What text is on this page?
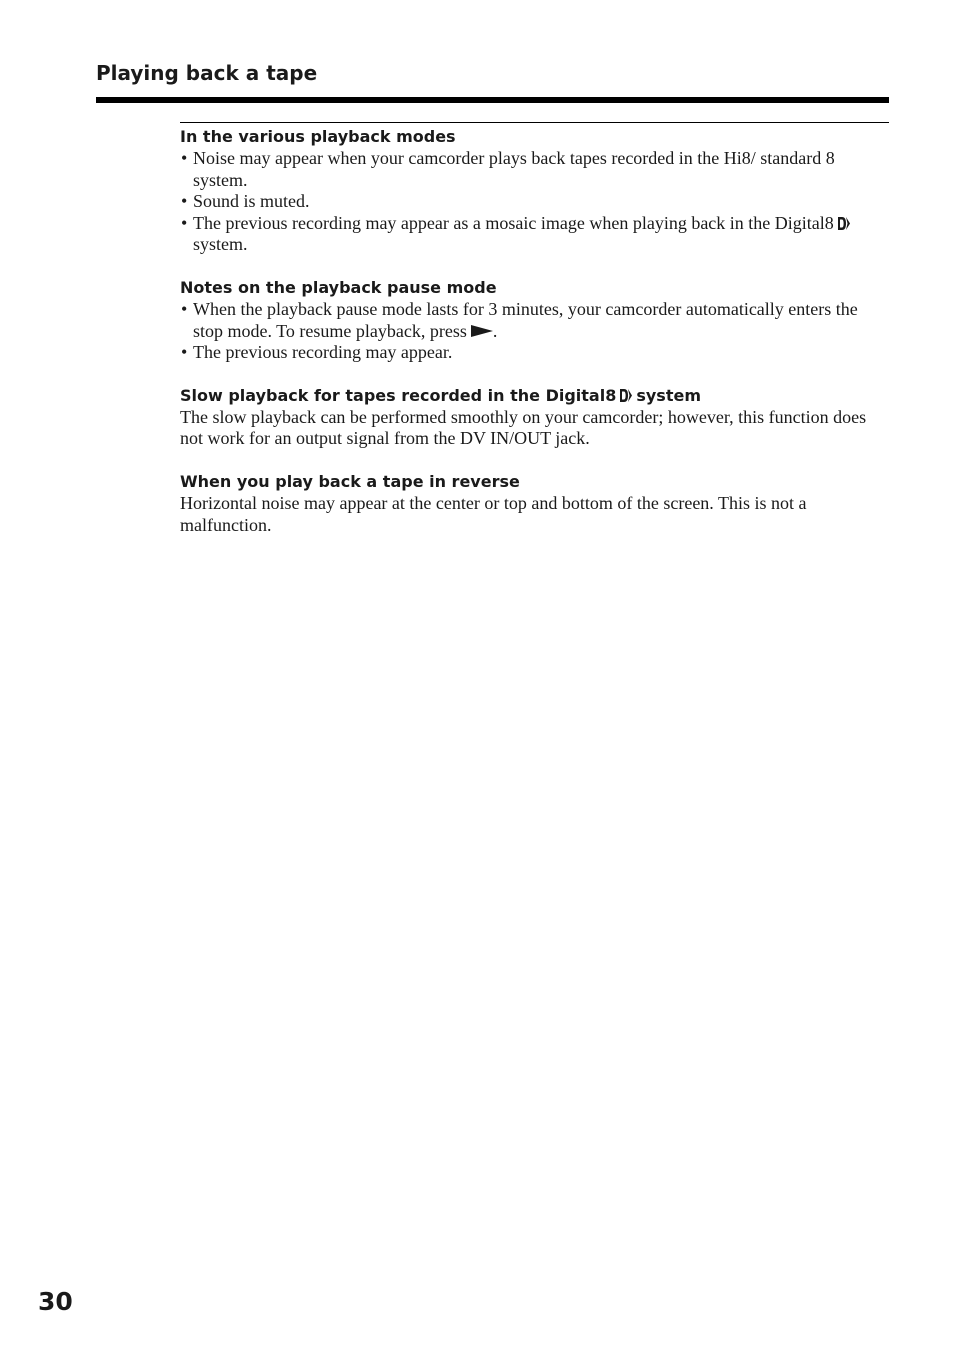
Playing back a tape
In the various playback modes
• Noise may appear when your camcorder plays back tapes recorded in the Hi8/ standard 8 system.
• Sound is muted.
• The previous recording may appear as a mosaic image when playing back in the Digital8system.
Notes on the playback pause mode
• When the playback pause mode lasts for 3 minutes, your camcorder automatically enters the stop mode. To resume playback, press .
• The previous recording may appear.
Slow playback for tapes recorded in the Digital8 system

The slow playback can be performed smoothly on your camcorder; however, this function does not work for an output signal from the DV IN/OUT jack.

When you play back a tape in reverse

Horizontal noise may appear at the center or top and bottom of the screen. This is not a malfunction.

30
